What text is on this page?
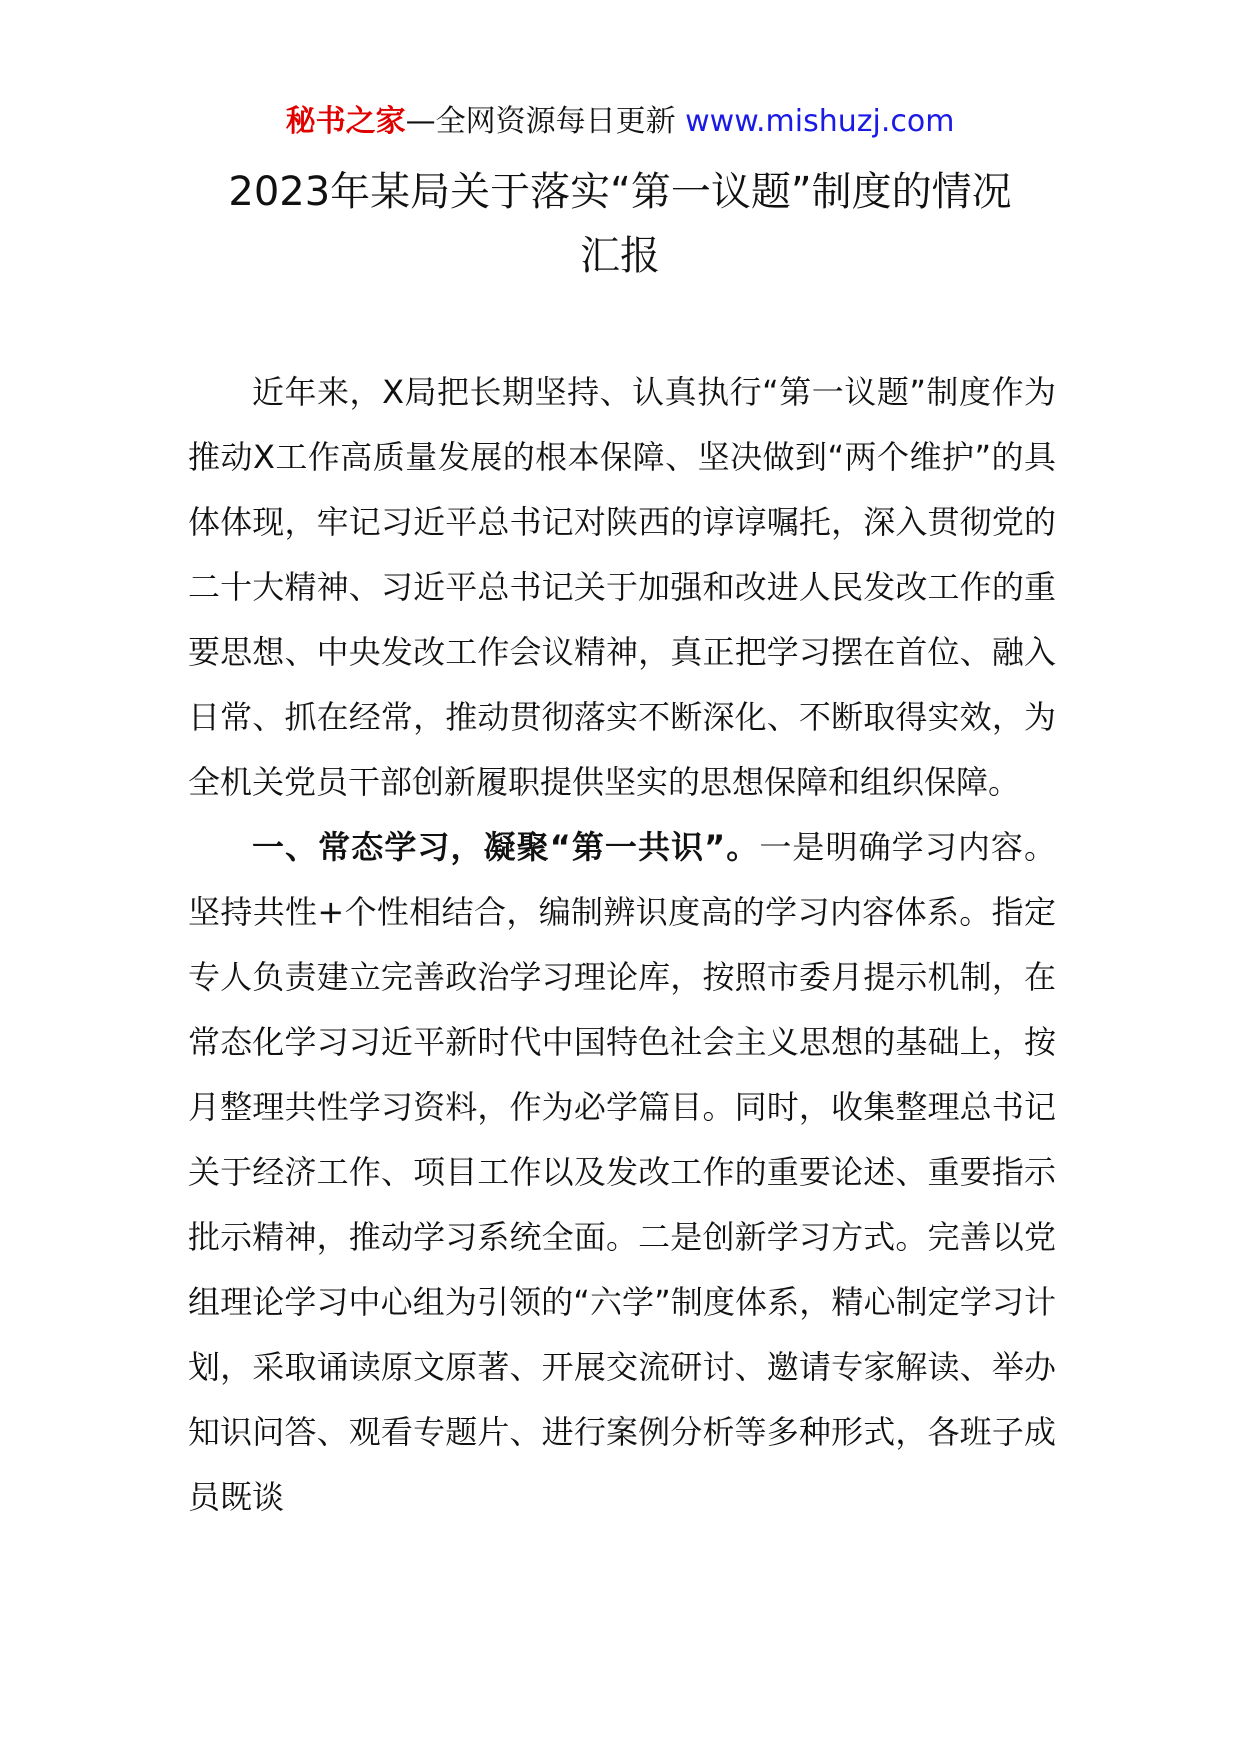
秘书之家—全网资源每日更新 www.mishuzj.com
2023年某局关于落实“第一议题”制度的情况
汇报

近年来，X局把长期坚持、认真执行“第一议题”制度作为推动X工作高质量发展的根本保障、坚决做到“两个维护”的具体体现，牢记习近平总书记对陕西的谆谆嘱托，深入贯彻党的二十大精神、习近平总书记关于加强和改进人民发改工作的重要思想、中央发改工作会议精神，真正把学习摆在首位、融入日常、抓在经常，推动贯彻落实不断深化、不断取得实效，为全机关党员干部创新履职提供坚实的思想保障和组织保障。

一、常态学习，凝聚“第一共识”。一是明确学习内容。坚持共性+个性相结合，编制辨识度高的学习内容体系。指定专人负责建立完善政治学习理论库，按照市委月提示机制，在常态化学习习近平新时代中国特色社会主义思想的基础上，按月整理共性学习资料，作为必学篇目。同时，收集整理总书记关于经济工作、项目工作以及发改工作的重要论述、重要指示批示精神，推动学习系统全面。二是创新学习方式。完善以党组理论学习中心组为引领的“六学”制度体系，精心制定学习计划，采取诵读原文原著、开展交流研讨、邀请专家解读、举办知识问答、观看专题片、进行案例分析等多种形式，各班子成员既谈
